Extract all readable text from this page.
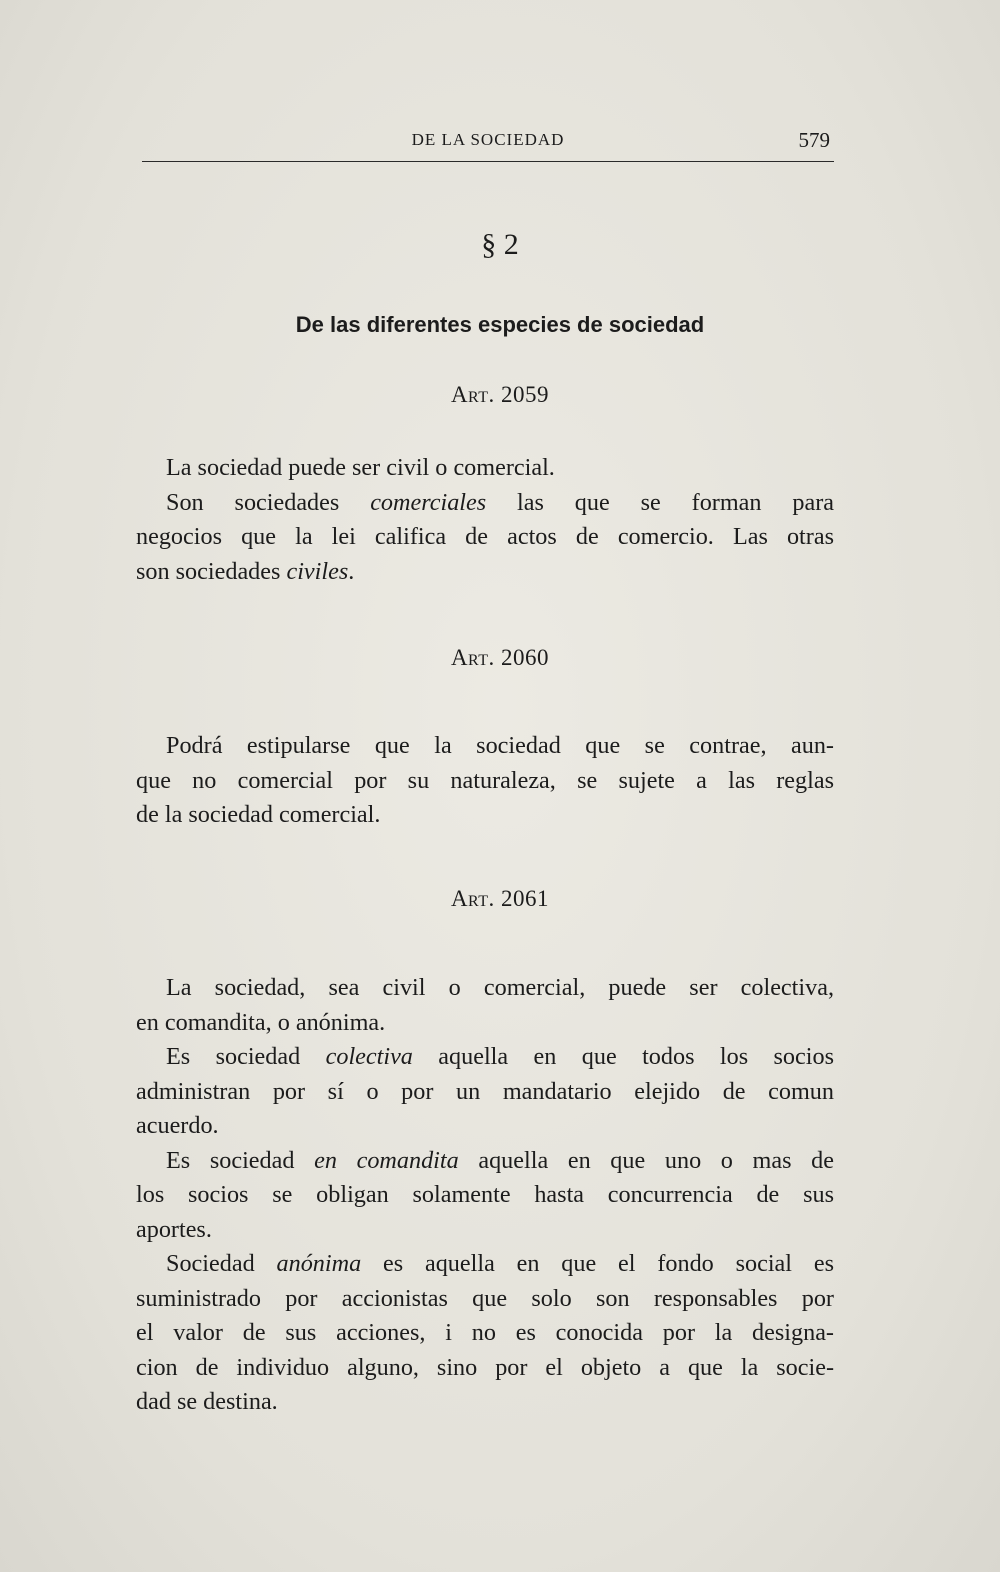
DE LA SOCIEDAD	579
§ 2
De las diferentes especies de sociedad
Art. 2059
La sociedad puede ser civil o comercial.
Son sociedades comerciales las que se forman para
negocios que la lei califica de actos de comercio. Las otras
son sociedades civiles.
Art. 2060
Podrá estipularse que la sociedad que se contrae, aun-
que no comercial por su naturaleza, se sujete a las reglas
de la sociedad comercial.
Art. 2061
La sociedad, sea civil o comercial, puede ser colectiva,
en comandita, o anónima.
Es sociedad colectiva aquella en que todos los socios
administran por sí o por un mandatario elejido de comun
acuerdo.
Es sociedad en comandita aquella en que uno o mas de
los socios se obligan solamente hasta concurrencia de sus
aportes.
Sociedad anónima es aquella en que el fondo social es
suministrado por accionistas que solo son responsables por
el valor de sus acciones, i no es conocida por la designa-
cion de individuo alguno, sino por el objeto a que la socie-
dad se destina.
